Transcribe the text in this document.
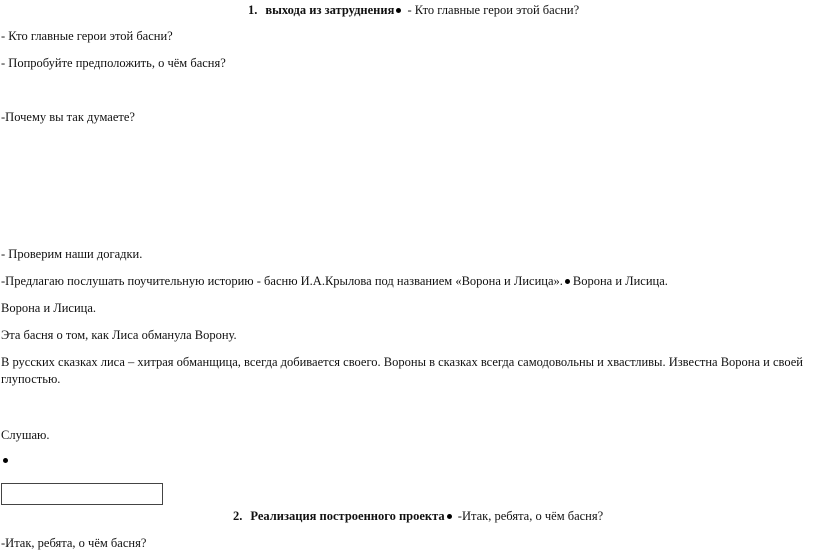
1. выхода из затруднения - Кто главные герои этой басни?
- Кто главные герои этой басни?
- Попробуйте предположить, о чём басня?
-Почему вы так думаете?
- Проверим наши догадки.
-Предлагаю послушать поучительную историю - басню И.А.Крылова под названием «Ворона и Лисица». Ворона и Лисица.
Ворона и Лисица.
Эта басня о том, как Лиса обманула Ворону.
В русских сказках лиса – хитрая обманщица, всегда добивается своего. Вороны в сказках всегда самодовольны и хвастливы. Известна Ворона и своей глупостью.
Слушаю.
2. Реализация построенного проекта -Итак, ребята, о чём басня?
-Итак, ребята, о чём басня?
